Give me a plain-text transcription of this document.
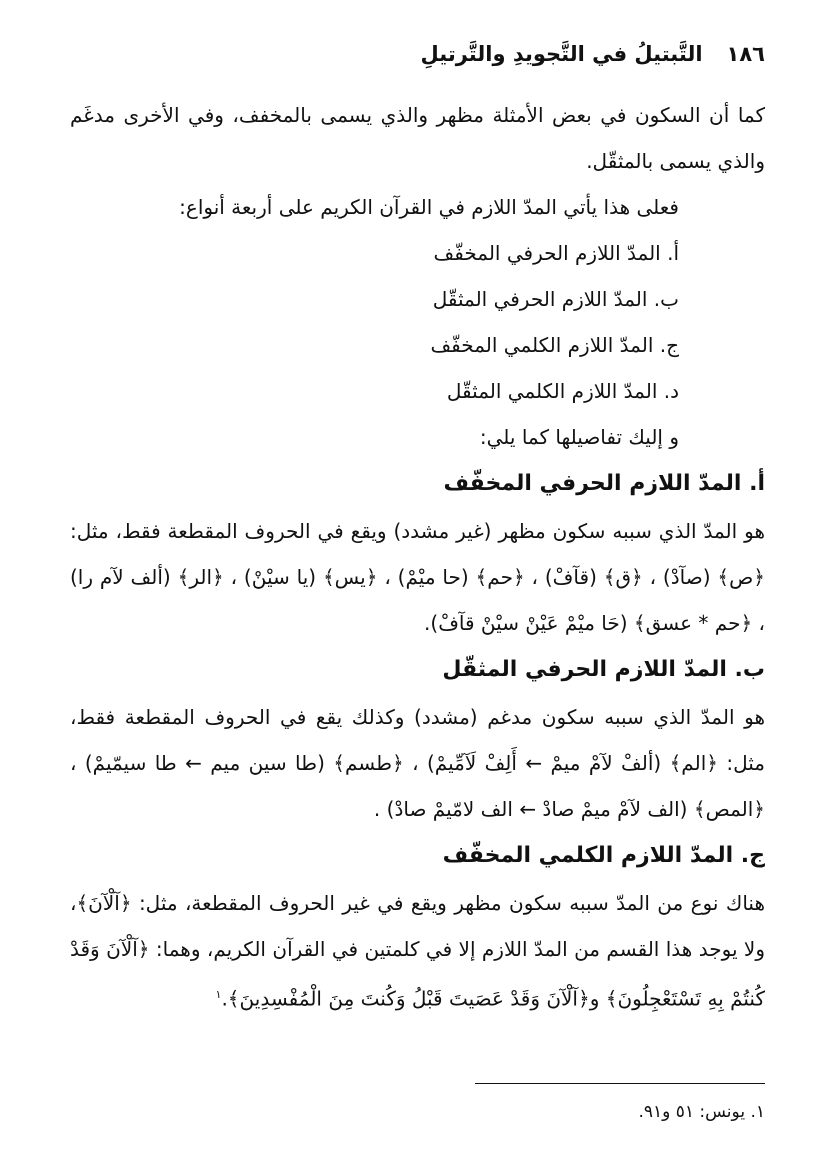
١٨٦
التَّبتيلُ في التَّجويدِ والتَّرتيلِ

كما أن السكون في بعض الأمثلة مظهر والذي يسمى بالمخفف، وفي الأخرى مدغَم والذي يسمى بالمثقّل.

فعلى هذا يأتي المدّ اللازم في القرآن الكريم على أربعة أنواع:

أ. المدّ اللازم الحرفي المخفّف

ب. المدّ اللازم الحرفي المثقّل

ج. المدّ اللازم الكلمي المخفّف

د. المدّ اللازم الكلمي المثقّل

و إليك تفاصيلها كما يلي:

أ. المدّ اللازم الحرفي المخفّف

هو المدّ الذي سببه سكون مظهر (غير مشدد) ويقع في الحروف المقطعة فقط، مثل: ﴿ص﴾ (صآدْ) ، ﴿ق﴾ (قآفْ) ، ﴿حم﴾ (حا ميْمْ) ، ﴿يس﴾ (يا سيْنْ) ، ﴿الر﴾ (ألف لآم را) ، ﴿حم * عسق﴾ (حَا ميْمْ عَيْنْ سيْنْ قآفْ).

ب. المدّ اللازم الحرفي المثقّل

هو المدّ الذي سببه سكون مدغم (مشدد) وكذلك يقع في الحروف المقطعة فقط، مثل: ﴿الم﴾ (ألفْ لآمْ ميمْ ← أَلِفْ لَآمِّيمْ) ، ﴿طسم﴾ (طا سين ميم ← طا سيمّيمْ) ، ﴿المص﴾ (الف لآمْ ميمْ صادْ ← الف لامّيمْ صادْ) .

ج. المدّ اللازم الكلمي المخفّف

هناك نوع من المدّ سببه سكون مظهر ويقع في غير الحروف المقطعة، مثل: ﴿آلْآنَ﴾، ولا يوجد هذا القسم من المدّ اللازم إلا في كلمتين في القرآن الكريم، وهما: ﴿آلْآنَ وَقَدْ كُنتُمْ بِهِ تَسْتَعْجِلُونَ﴾ و﴿آلْآنَ وَقَدْ عَصَيتَ قَبْلُ وَكُنتَ مِنَ الْمُفْسِدِينَ﴾.$^١$

١. يونس: ٥١ و٩١.
